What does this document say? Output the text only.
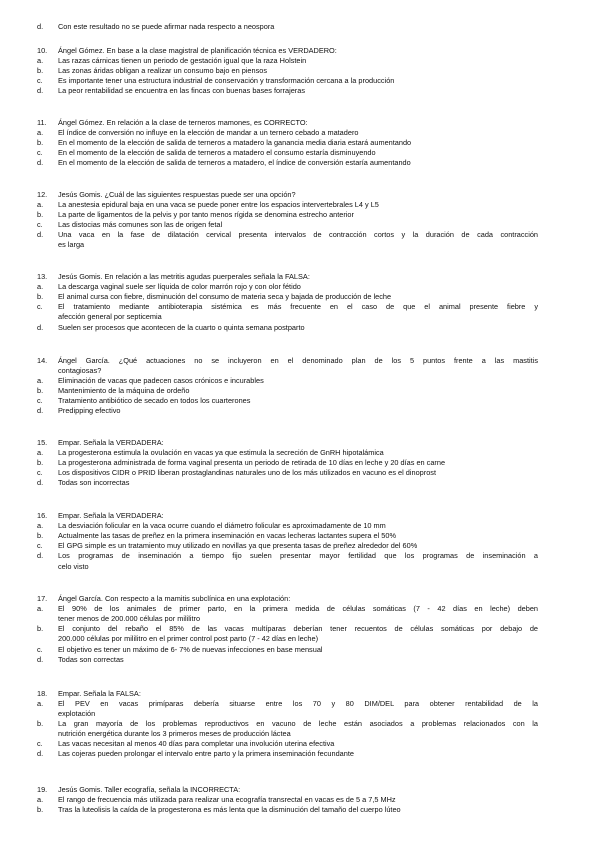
d. Con este resultado no se puede afirmar nada respecto a neospora
10. Ángel Gómez. En base a la clase magistral de planificación técnica es VERDADERO:
a. Las razas cárnicas tienen un periodo de gestación igual que la raza Holstein
b. Las zonas áridas obligan a realizar un consumo bajo en piensos
c. Es importante tener una estructura industrial de conservación y transformación cercana a la producción
d. La peor rentabilidad se encuentra en las fincas con buenas bases forrajeras
11. Ángel Gómez. En relación a la clase de terneros mamones, es CORRECTO:
a. El índice de conversión no influye en la elección de mandar a un ternero cebado a matadero
b. En el momento de la elección de salida de terneros a matadero la ganancia media diaria estará aumentando
c. En el momento de la elección de salida de terneros a matadero el consumo estaría disminuyendo
d. En el momento de la elección de salida de terneros a matadero, el índice de conversión estaría aumentando
12. Jesús Gomis. ¿Cuál de las siguientes respuestas puede ser una opción?
a. La anestesia epidural baja en una vaca se puede poner entre los espacios intervertebrales L4 y L5
b. La parte de ligamentos de la pelvis y por tanto menos rígida se denomina estrecho anterior
c. Las distocias más comunes son las de origen fetal
d. Una vaca en la fase de dilatación cervical presenta intervalos de contracción cortos y la duración de cada contracción
es larga
13. Jesús Gomis. En relación a las metritis agudas puerperales señala la FALSA:
a. La descarga vaginal suele ser líquida de color marrón rojo y con olor fétido
b. El animal cursa con fiebre, disminución del consumo de materia seca y bajada de producción de leche
c. El tratamiento mediante antibioterapia sistémica es más frecuente en el caso de que el animal presente fiebre y
afección general por septicemia
d. Suelen ser procesos que acontecen de la cuarto o quinta semana postparto
14. Ángel García. ¿Qué actuaciones no se incluyeron en el denominado plan de los 5 puntos frente a las mastitis
contagiosas?
a. Eliminación de vacas que padecen casos crónicos e incurables
b. Mantenimiento de la máquina de ordeño
c. Tratamiento antibiótico de secado en todos los cuarterones
d. Predipping efectivo
15. Empar. Señala la VERDADERA:
a. La progesterona estimula la ovulación en vacas ya que estimula la secreción de GnRH hipotalámica
b. La progesterona administrada de forma vaginal presenta un periodo de retirada de 10 días en leche y 20 días en carne
c. Los dispositivos CIDR o PRID liberan prostaglandinas naturales uno de los más utilizados en vacuno es el dinoprost
d. Todas son incorrectas
16. Empar. Señala la VERDADERA:
a. La desviación folicular en la vaca ocurre cuando el diámetro folicular es aproximadamente de 10 mm
b. Actualmente las tasas de preñez en la primera inseminación en vacas lecheras lactantes supera el 50%
c. El GPG simple es un tratamiento muy utilizado en novillas ya que presenta tasas de preñez alrededor del 60%
d. Los programas de inseminación a tiempo fijo suelen presentar mayor fertilidad que los programas de inseminación a
celo visto
17. Ángel García. Con respecto a la mamitis subclínica en una explotación:
a. El 90% de los animales de primer parto, en la primera medida de células somáticas (7 - 42 días en leche) deben
tener menos de 200.000 células por mililitro
b. El conjunto del rebaño el 85% de las vacas multíparas deberían tener recuentos de células somáticas por debajo de
200.000 células por mililitro en el primer control post parto (7 - 42 días en leche)
c. El objetivo es tener un máximo de 6- 7% de nuevas infecciones en base mensual
d. Todas son correctas
18. Empar. Señala la FALSA:
a. El PEV en vacas primíparas debería situarse entre los 70 y 80 DIM/DEL para obtener rentabilidad de la
explotación
b. La gran mayoría de los problemas reproductivos en vacuno de leche están asociados a problemas relacionados con la
nutrición energética durante los 3 primeros meses de producción láctea
c. Las vacas necesitan al menos 40 días para completar una involución uterina efectiva
d. Las cojeras pueden prolongar el intervalo entre parto y la primera inseminación fecundante
19. Jesús Gomis. Taller ecografía, señala la INCORRECTA:
a. El rango de frecuencia más utilizada para realizar una ecografía transrectal en vacas es de 5 a 7,5 MHz
b. Tras la luteolisis la caída de la progesterona es más lenta que la disminución del tamaño del cuerpo lúteo
